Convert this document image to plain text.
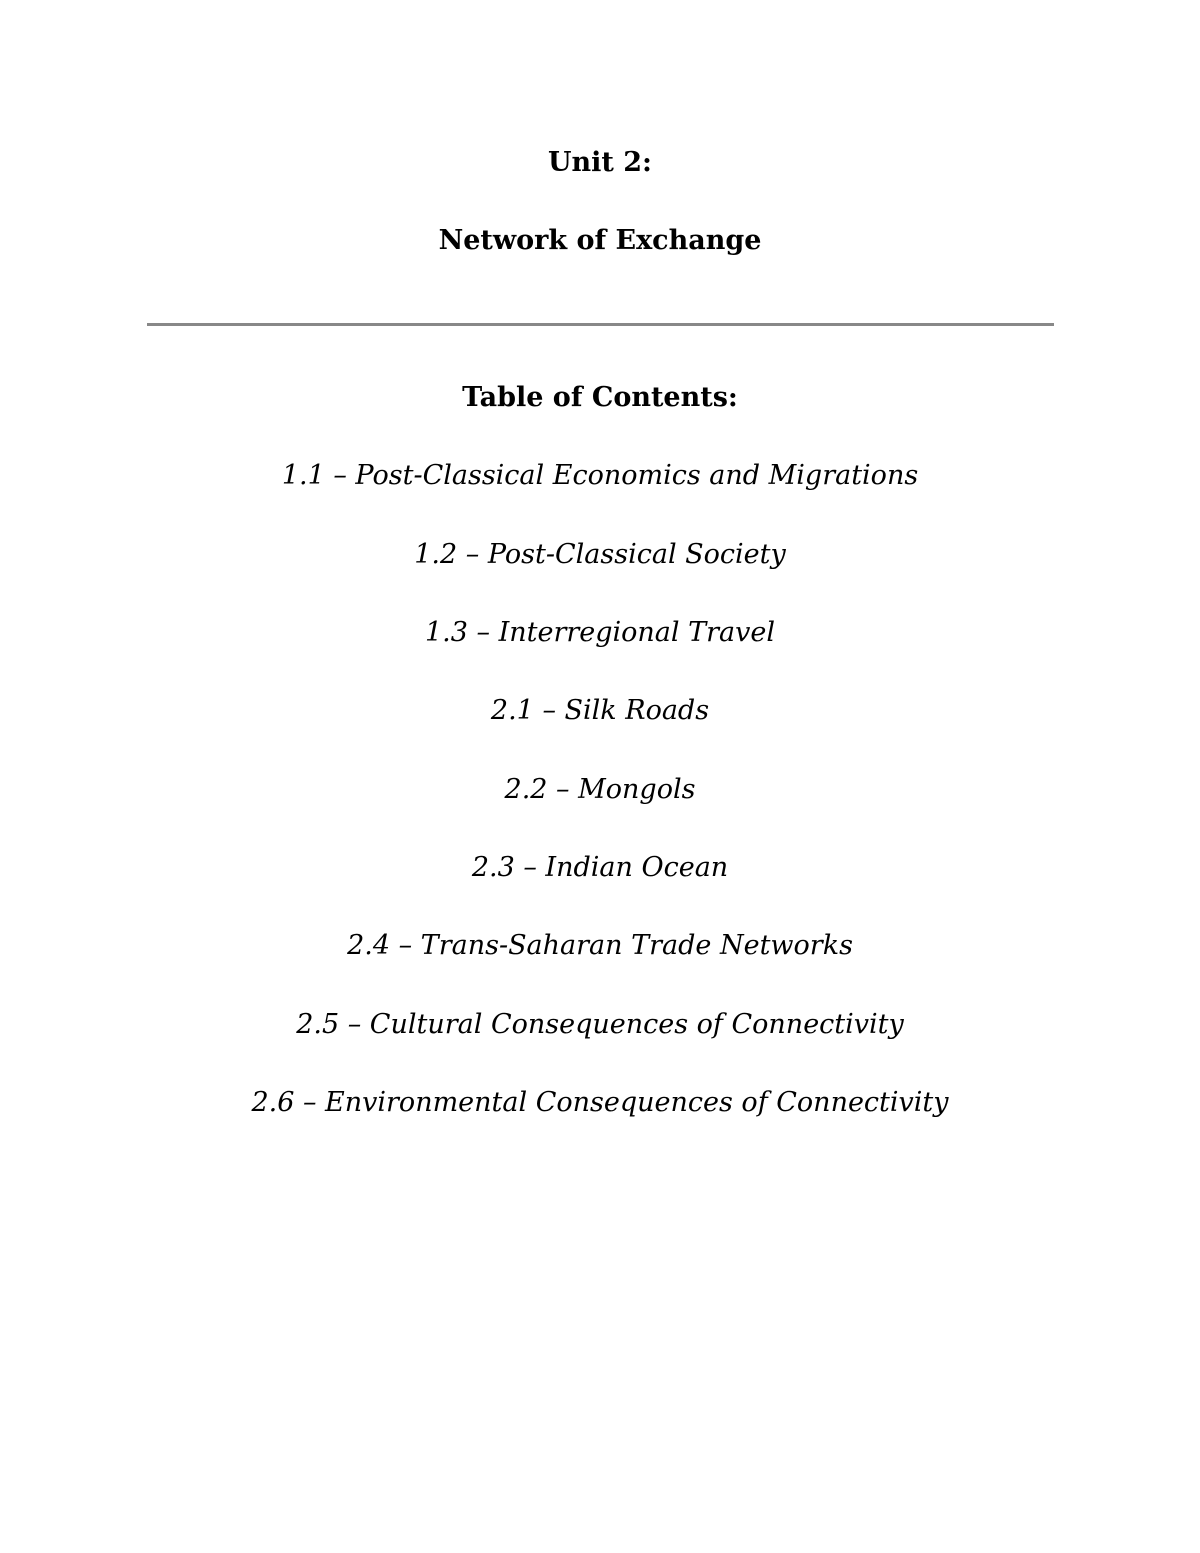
Unit 2:
Network of Exchange
Table of Contents:
1.1 – Post-Classical Economics and Migrations
1.2 – Post-Classical Society
1.3 – Interregional Travel
2.1 – Silk Roads
2.2 – Mongols
2.3 – Indian Ocean
2.4 – Trans-Saharan Trade Networks
2.5 – Cultural Consequences of Connectivity
2.6 – Environmental Consequences of Connectivity
